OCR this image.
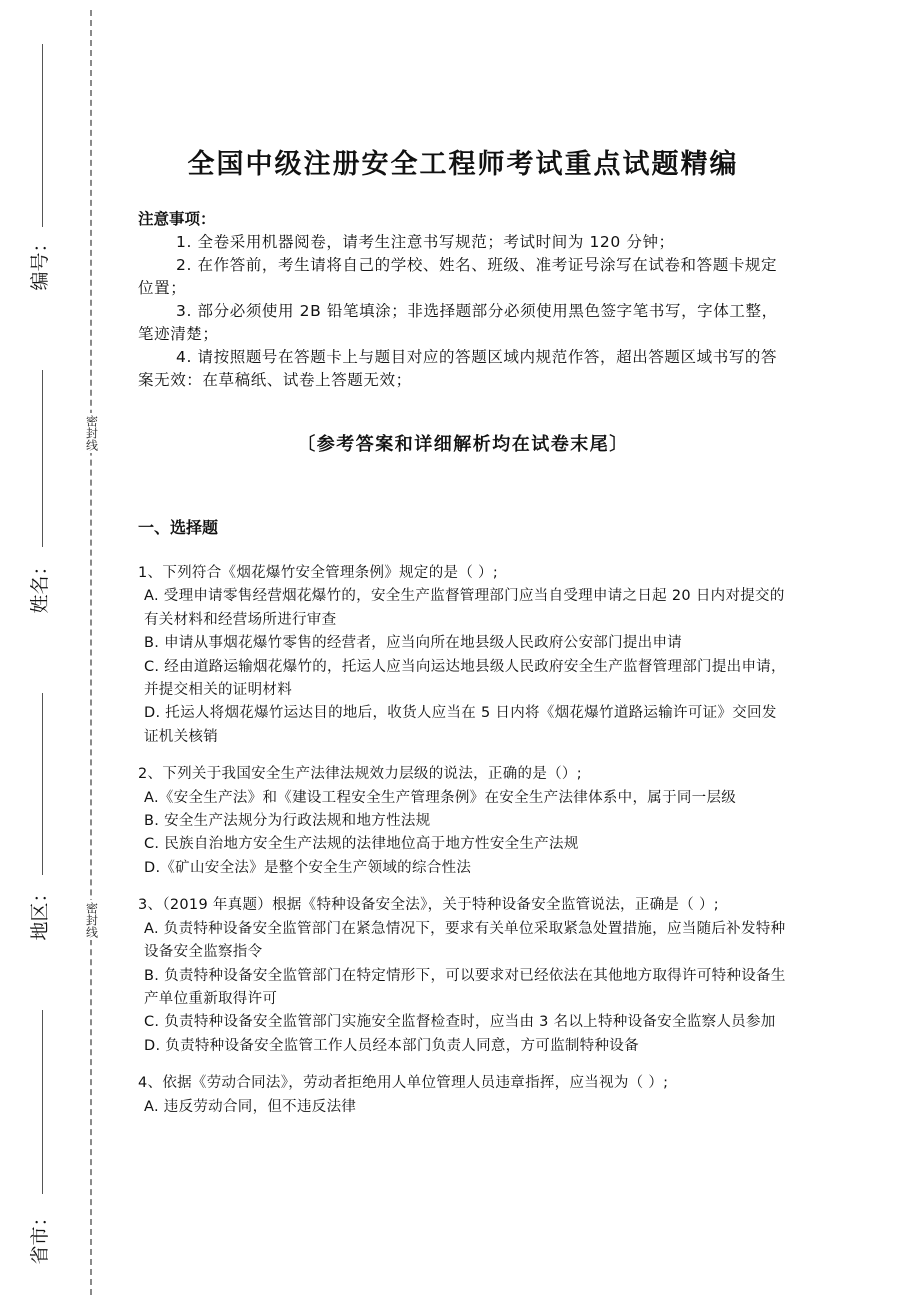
密封线
密封线
编号：
姓名：
地区：
省市：
全国中级注册安全工程师考试重点试题精编
注意事项：
1. 全卷采用机器阅卷，请考生注意书写规范；考试时间为 120 分钟；
2. 在作答前，考生请将自己的学校、姓名、班级、准考证号涂写在试卷和答题卡规定位置；
3. 部分必须使用 2B 铅笔填涂；非选择题部分必须使用黑色签字笔书写，字体工整，笔迹清楚；
4. 请按照题号在答题卡上与题目对应的答题区域内规范作答，超出答题区域书写的答案无效：在草稿纸、试卷上答题无效；
〔参考答案和详细解析均在试卷末尾〕
一、选择题
1、下列符合《烟花爆竹安全管理条例》规定的是（ ）;
A. 受理申请零售经营烟花爆竹的，安全生产监督管理部门应当自受理申请之日起 20 日内对提交的有关材料和经营场所进行审查
B. 申请从事烟花爆竹零售的经营者，应当向所在地县级人民政府公安部门提出申请
C. 经由道路运输烟花爆竹的，托运人应当向运达地县级人民政府安全生产监督管理部门提出申请，并提交相关的证明材料
D. 托运人将烟花爆竹运达目的地后，收货人应当在 5 日内将《烟花爆竹道路运输许可证》交回发证机关核销
2、下列关于我国安全生产法律法规效力层级的说法，正确的是（）;
A.《安全生产法》和《建设工程安全生产管理条例》在安全生产法律体系中，属于同一层级
B. 安全生产法规分为行政法规和地方性法规
C. 民族自治地方安全生产法规的法律地位高于地方性安全生产法规
D.《矿山安全法》是整个安全生产领域的综合性法
3、（2019 年真题）根据《特种设备安全法》，关于特种设备安全监管说法，正确是（ ）;
A. 负责特种设备安全监管部门在紧急情况下，要求有关单位采取紧急处置措施，应当随后补发特种设备安全监察指令
B. 负责特种设备安全监管部门在特定情形下，可以要求对已经依法在其他地方取得许可特种设备生产单位重新取得许可
C. 负责特种设备安全监管部门实施安全监督检查时，应当由 3 名以上特种设备安全监察人员参加
D. 负责特种设备安全监管工作人员经本部门负责人同意，方可监制特种设备
4、依据《劳动合同法》，劳动者拒绝用人单位管理人员违章指挥，应当视为（ ）;
A. 违反劳动合同，但不违反法律
